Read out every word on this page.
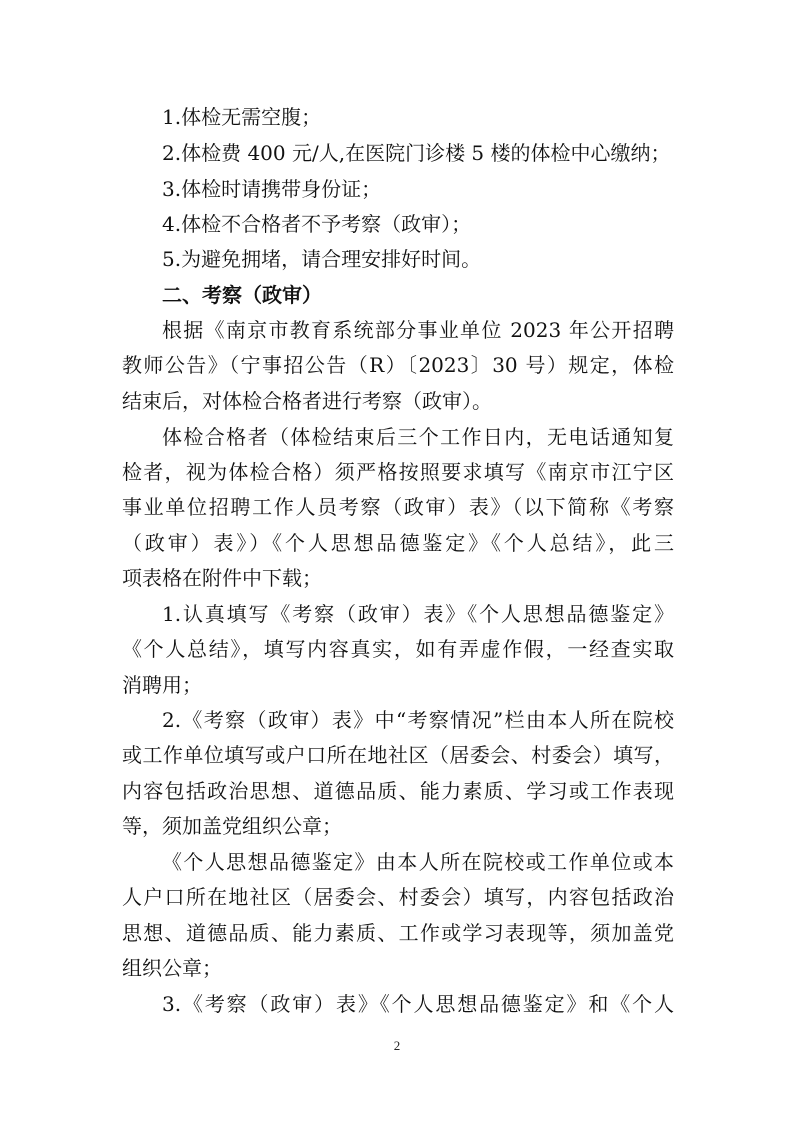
1.体检无需空腹；
2.体检费 400 元/人,在医院门诊楼 5 楼的体检中心缴纳；
3.体检时请携带身份证；
4.体检不合格者不予考察（政审）；
5.为避免拥堵，请合理安排好时间。
二、考察（政审）
根据《南京市教育系统部分事业单位 2023 年公开招聘
教师公告》（宁事招公告（R）〔2023〕30 号）规定，体检
结束后，对体检合格者进行考察（政审）。
体检合格者（体检结束后三个工作日内，无电话通知复
检者，视为体检合格）须严格按照要求填写《南京市江宁区
事业单位招聘工作人员考察（政审）表》（以下简称《考察
（政审）表》）《个人思想品德鉴定》《个人总结》，此三
项表格在附件中下载；
1.认真填写《考察（政审）表》《个人思想品德鉴定》
《个人总结》，填写内容真实，如有弄虚作假，一经查实取
消聘用；
2.《考察（政审）表》中“考察情况”栏由本人所在院校
或工作单位填写或户口所在地社区（居委会、村委会）填写，
内容包括政治思想、道德品质、能力素质、学习或工作表现
等，须加盖党组织公章；
《个人思想品德鉴定》由本人所在院校或工作单位或本
人户口所在地社区（居委会、村委会）填写，内容包括政治
思想、道德品质、能力素质、工作或学习表现等，须加盖党
组织公章；
3.《考察（政审）表》《个人思想品德鉴定》和《个人
2
